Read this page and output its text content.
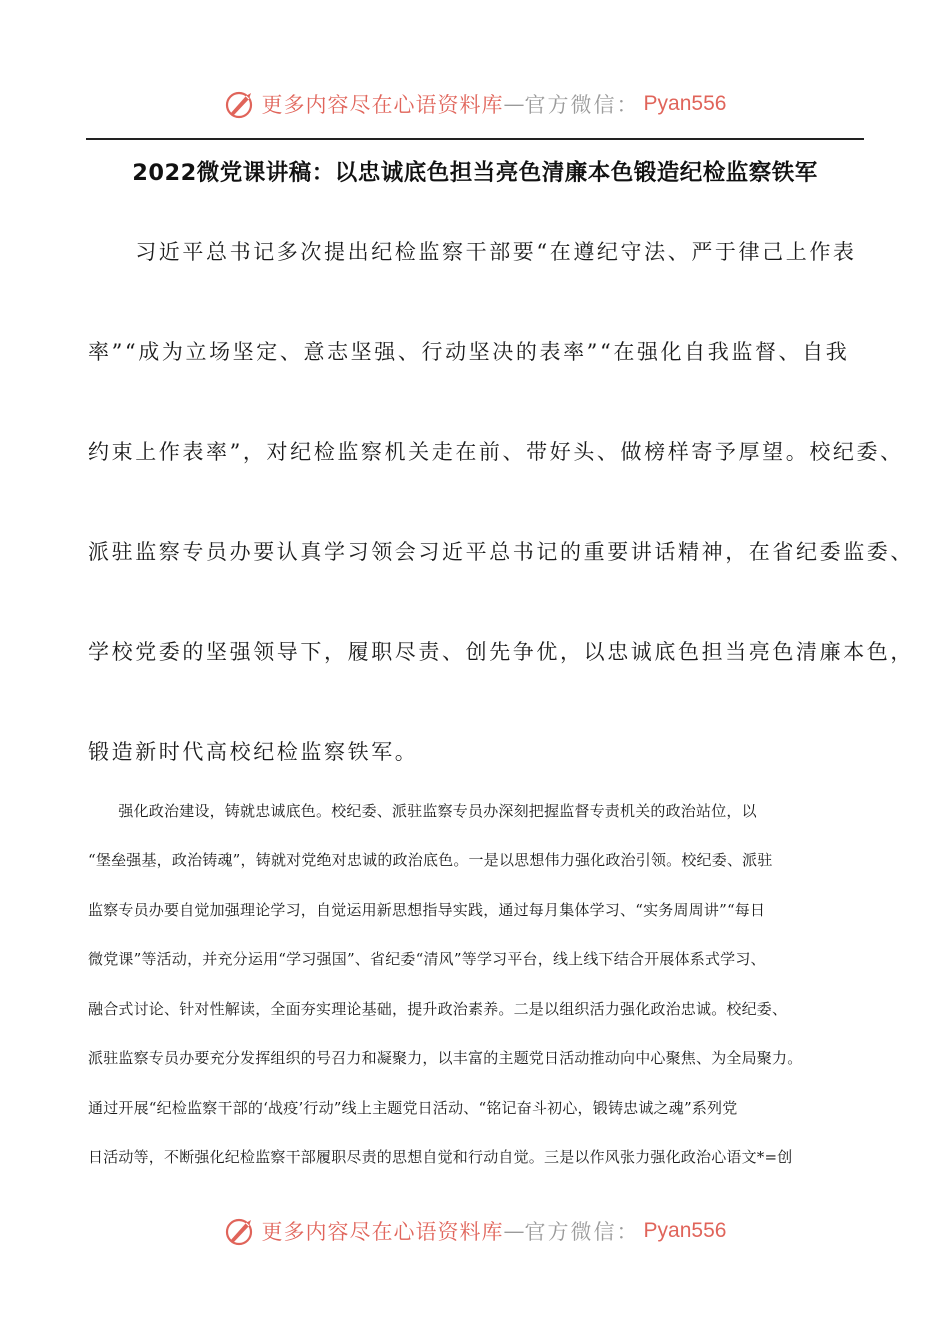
更多内容尽在心语资料库 — 官方微信： Pyan556
2022微党课讲稿：以忠诚底色担当亮色清廉本色锻造纪检监察铁军

　　习近平总书记多次提出纪检监察干部要“在遵纪守法、严于律己上作表

率”“成为立场坚定、意志坚强、行动坚决的表率”“在强化自我监督、自我

约束上作表率”，对纪检监察机关走在前、带好头、做榜样寄予厚望。校纪委、

派驻监察专员办要认真学习领会习近平总书记的重要讲话精神，在省纪委监委、

学校党委的坚强领导下，履职尽责、创先争优，以忠诚底色担当亮色清廉本色，

锻造新时代高校纪检监察铁军。

　　强化政治建设，铸就忠诚底色。校纪委、派驻监察专员办深刻把握监督专责机关的政治站位，以

“堡垒强基，政治铸魂”，铸就对党绝对忠诚的政治底色。一是以思想伟力强化政治引领。校纪委、派驻

监察专员办要自觉加强理论学习，自觉运用新思想指导实践，通过每月集体学习、“实务周周讲”“每日

微党课”等活动，并充分运用“学习强国”、省纪委“清风”等学习平台，线上线下结合开展体系式学习、

融合式讨论、针对性解读，全面夯实理论基础，提升政治素养。二是以组织活力强化政治忠诚。校纪委、

派驻监察专员办要充分发挥组织的号召力和凝聚力，以丰富的主题党日活动推动向中心聚焦、为全局聚力。

通过开展“纪检监察干部的‘战疫’行动”线上主题党日活动、“铭记奋斗初心，锻铸忠诚之魂”系列党

日活动等，不断强化纪检监察干部履职尽责的思想自觉和行动自觉。三是以作风张力强化政治心语文*=创

更多内容尽在心语资料库 — 官方微信： Pyan556
